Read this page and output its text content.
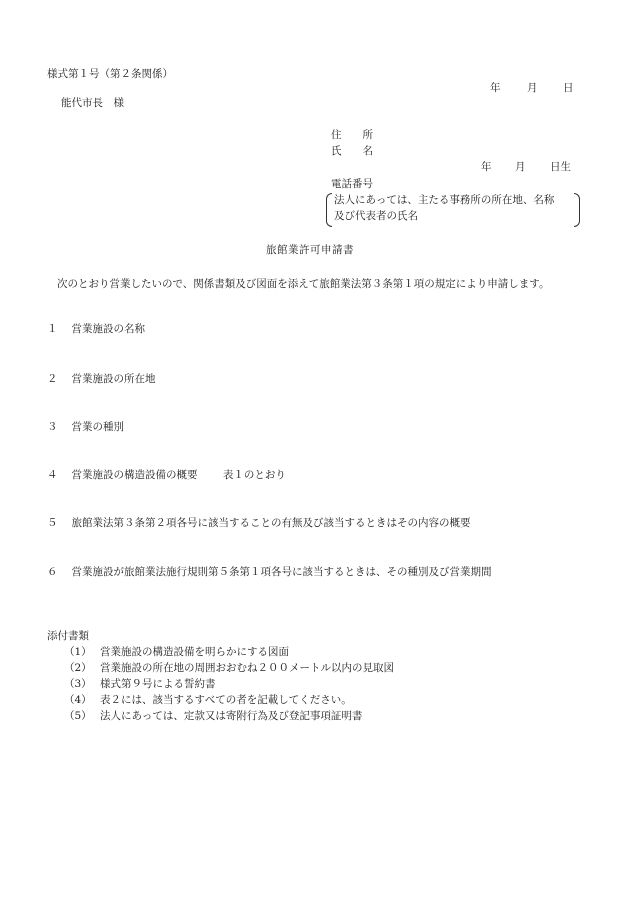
様式第１号（第２条関係）
年	月 日
能代市長　様
住　　所
氏　　名
年 月 日生
電話番号
法人にあっては、主たる事務所の所在地、名称
及び代表者の氏名
旅館業許可申請書
次のとおり営業したいので、関係書類及び図面を添えて旅館業法第３条第１項の規定により申請します。
１ 営業施設の名称
２ 営業施設の所在地
３ 営業の種別
４ 営業施設の構造設備の概要 表１のとおり
５ 旅館業法第３条第２項各号に該当することの有無及び該当するときはその内容の概要
６ 営業施設が旅館業法施行規則第５条第１項各号に該当するときは、その種別及び営業期間
添付書類
（1） 営業施設の構造設備を明らかにする図面
（2） 営業施設の所在地の周囲おおむね２００メートル以内の見取図
（3） 様式第９号による誓約書
（4） 表２には、該当するすべての者を記載してください。
（5） 法人にあっては、定款又は寄附行為及び登記事項証明書
